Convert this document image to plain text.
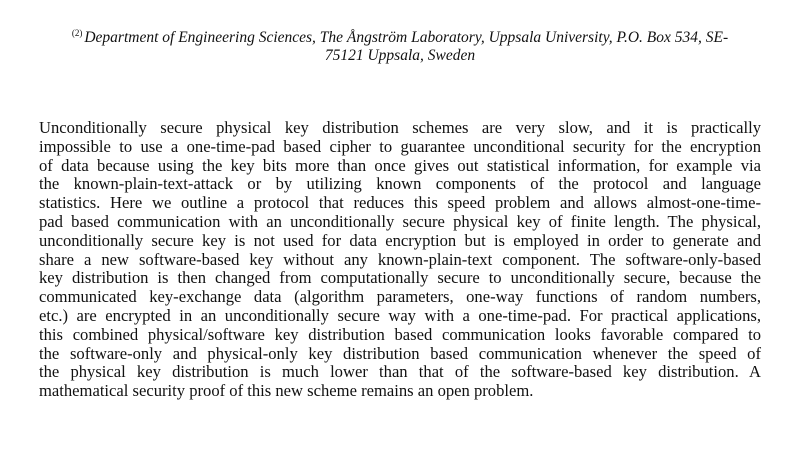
$^{(2)}$ Department of Engineering Sciences, The Ångström Laboratory, Uppsala University, P.O. Box 534, SE-
75121 Uppsala, Sweden
Unconditionally secure physical key distribution schemes are very slow, and it is practically
impossible to use a one-time-pad based cipher to guarantee unconditional security for the encryption
of data because using the key bits more than once gives out statistical information, for example via
the known-plain-text-attack or by utilizing known components of the protocol and language
statistics. Here we outline a protocol that reduces this speed problem and allows almost-one-time-
pad based communication with an unconditionally secure physical key of finite length. The physical,
unconditionally secure key is not used for data encryption but is employed in order to generate and
share a new software-based key without any known-plain-text component. The software-only-based
key distribution is then changed from computationally secure to unconditionally secure, because the
communicated key-exchange data (algorithm parameters, one-way functions of random numbers,
etc.) are encrypted in an unconditionally secure way with a one-time-pad. For practical applications,
this combined physical/software key distribution based communication looks favorable compared to
the software-only and physical-only key distribution based communication whenever the speed of
the physical key distribution is much lower than that of the software-based key distribution. A
mathematical security proof of this new scheme remains an open problem.
